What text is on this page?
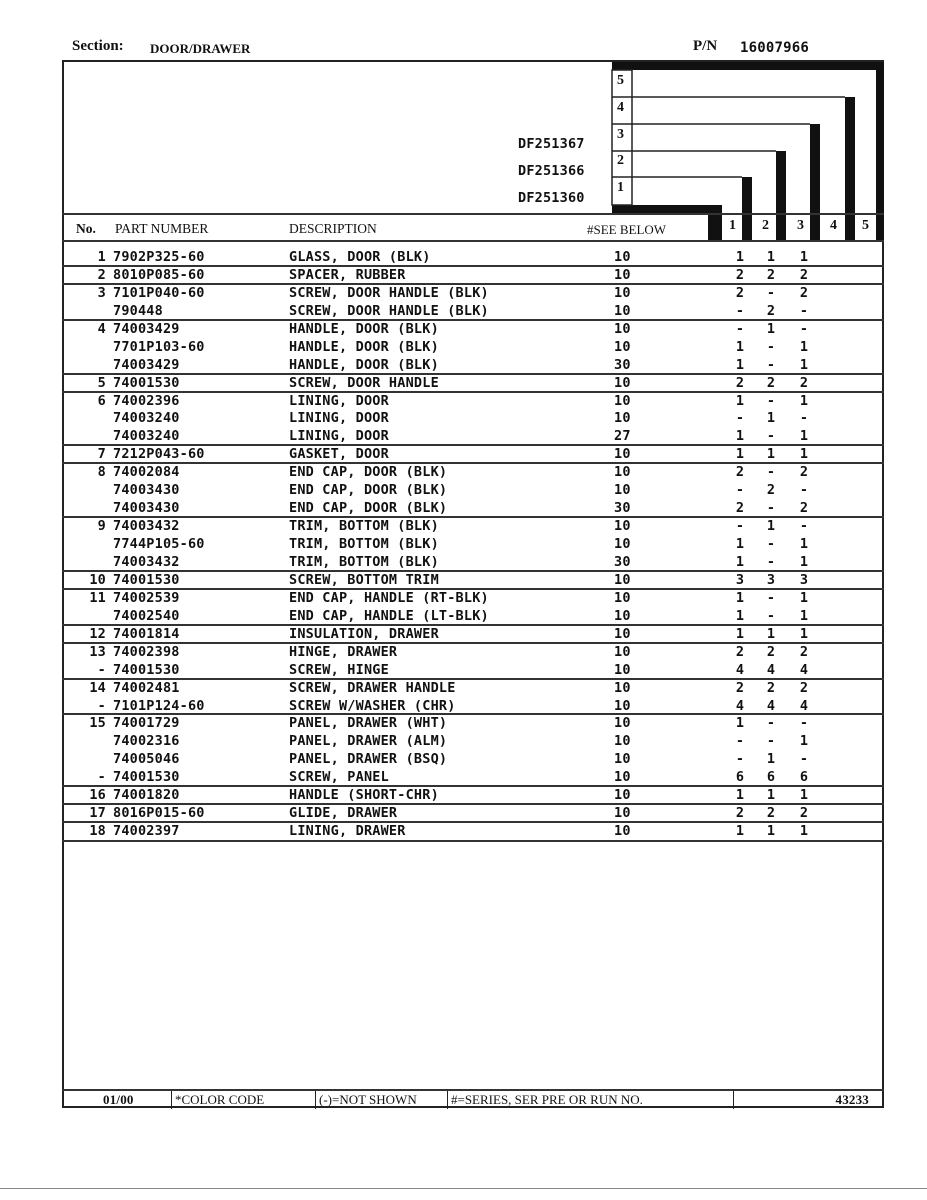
Section: DOOR/DRAWER	P/N 16007966
5
4
3
2
1
DF251367
DF251366
DF251360
No. PART NUMBER	DESCRIPTION	#SEE BELOW	1 2 3 4 5
1 7902P325-60	GLASS, DOOR (BLK)	10	1 1 1
2 8010P085-60	SPACER, RUBBER	10	2 2 2
3 7101P040-60	SCREW, DOOR HANDLE (BLK)	10	2 - 2
790448	SCREW, DOOR HANDLE (BLK)	10	- 2 -
4 74003429	HANDLE, DOOR (BLK)	10	- 1 -
7701P103-60	HANDLE, DOOR (BLK)	10	1 - 1
74003429	HANDLE, DOOR (BLK)	30	1 - 1
5 74001530	SCREW, DOOR HANDLE	10	2 2 2
6 74002396	LINING, DOOR	10	1 - 1
74003240	LINING, DOOR	10	- 1 -
74003240	LINING, DOOR	27	1 - 1
7 7212P043-60	GASKET, DOOR	10	1 1 1
8 74002084	END CAP, DOOR (BLK)	10	2 - 2
74003430	END CAP, DOOR (BLK)	10	- 2 -
74003430	END CAP, DOOR (BLK)	30	2 - 2
9 74003432	TRIM, BOTTOM (BLK)	10	- 1 -
7744P105-60	TRIM, BOTTOM (BLK)	10	1 - 1
74003432	TRIM, BOTTOM (BLK)	30	1 - 1
10 74001530	SCREW, BOTTOM TRIM	10	3 3 3
11 74002539	END CAP, HANDLE (RT-BLK)	10	1 - 1
74002540	END CAP, HANDLE (LT-BLK)	10	1 - 1
12 74001814	INSULATION, DRAWER	10	1 1 1
13 74002398	HINGE, DRAWER	10	2 2 2
- 74001530	SCREW, HINGE	10	4 4 4
14 74002481	SCREW, DRAWER HANDLE	10	2 2 2
- 7101P124-60	SCREW W/WASHER (CHR)	10	4 4 4
15 74001729	PANEL, DRAWER (WHT)	10	1 - -
74002316	PANEL, DRAWER (ALM)	10	- - 1
74005046	PANEL, DRAWER (BSQ)	10	- 1 -
- 74001530	SCREW, PANEL	10	6 6 6
16 74001820	HANDLE (SHORT-CHR)	10	1 1 1
17 8016P015-60	GLIDE, DRAWER	10	2 2 2
18 74002397	LINING, DRAWER	10	1 1 1
01/00	*COLOR CODE	(-)=NOT SHOWN	#=SERIES, SER PRE OR RUN NO.	43233
